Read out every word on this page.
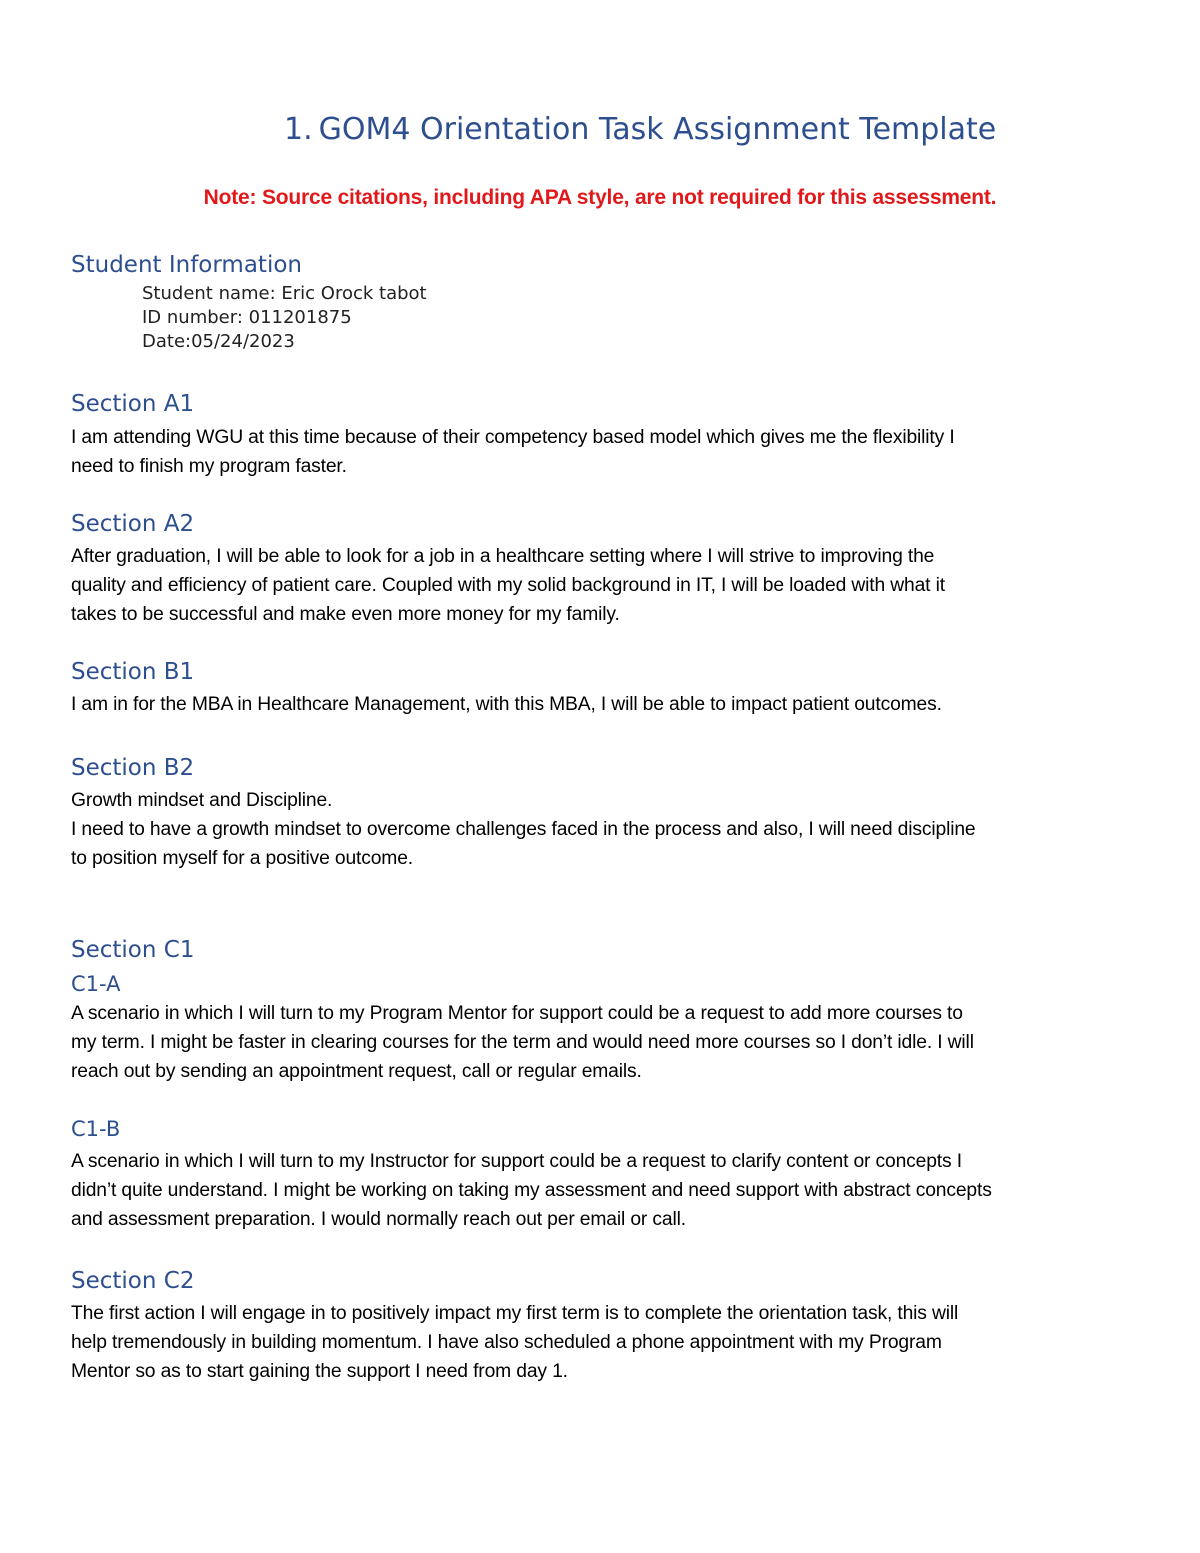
1. GOM4 Orientation Task Assignment Template
Note: Source citations, including APA style, are not required for this assessment.
Student Information
Student name: Eric Orock tabot
ID number: 011201875
Date:05/24/2023
Section A1
I am attending WGU at this time because of their competency based model which gives me the flexibility I
need to finish my program faster.
Section A2
After graduation, I will be able to look for a job in a healthcare setting where I will strive to improving the
quality and efficiency of patient care. Coupled with my solid background in IT, I will be loaded with what it
takes to be successful and make even more money for my family.
Section B1
I am in for the MBA in Healthcare Management, with this MBA, I will be able to impact patient outcomes.
Section B2
Growth mindset and Discipline.
I need to have a growth mindset to overcome challenges faced in the process and also, I will need discipline
to position myself for a positive outcome.
Section C1
C1-A
A scenario in which I will turn to my Program Mentor for support could be a request to add more courses to
my term. I might be faster in clearing courses for the term and would need more courses so I don’t idle. I will
reach out by sending an appointment request, call or regular emails.
C1-B
A scenario in which I will turn to my Instructor for support could be a request to clarify content or concepts I
didn’t quite understand. I might be working on taking my assessment and need support with abstract concepts
and assessment preparation. I would normally reach out per email or call.
Section C2
The first action I will engage in to positively impact my first term is to complete the orientation task, this will
help tremendously in building momentum. I have also scheduled a phone appointment with my Program
Mentor so as to start gaining the support I need from day 1.
